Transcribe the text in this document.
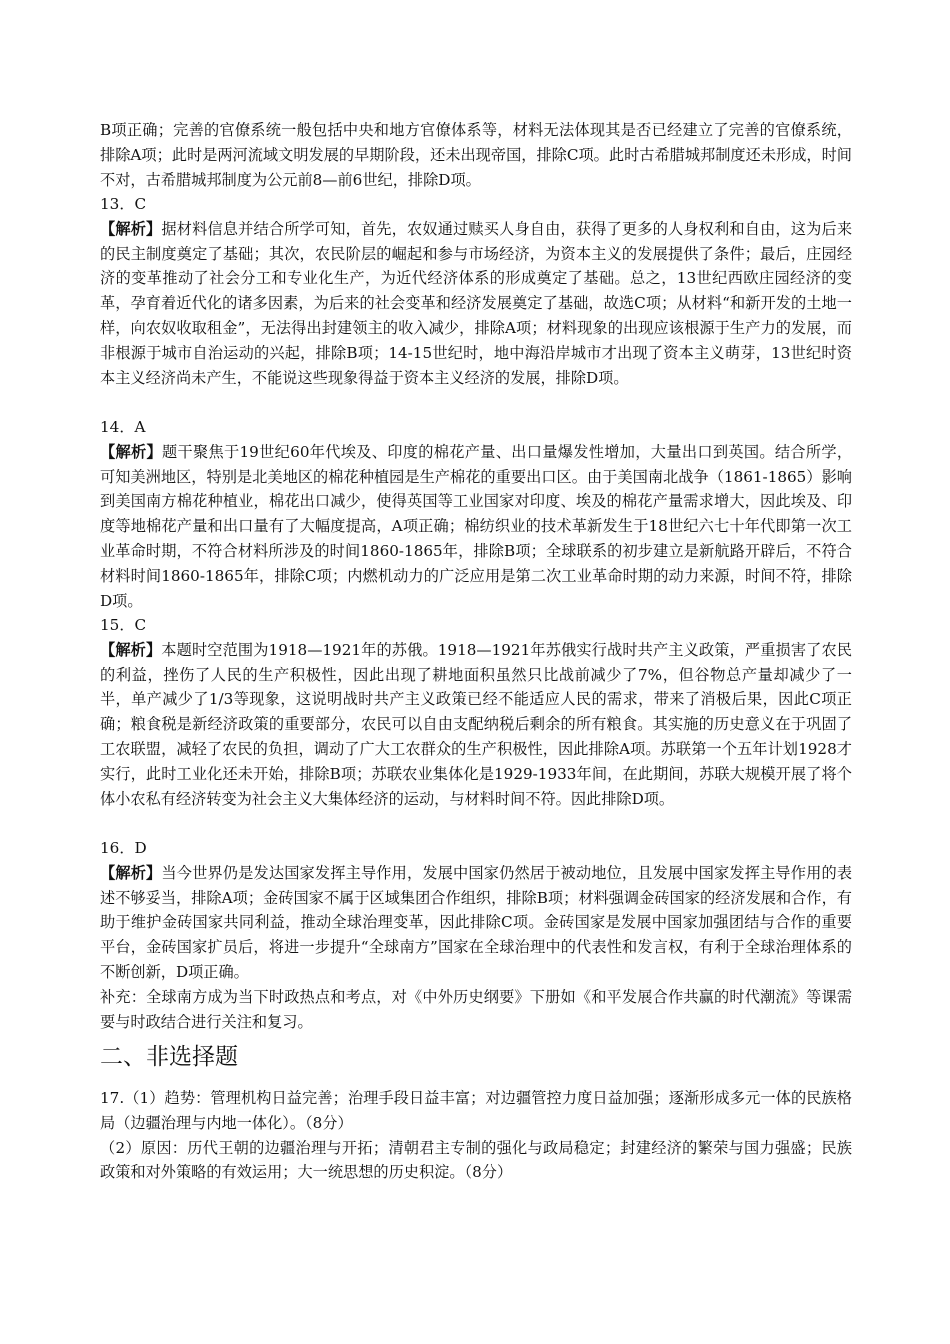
B项正确；完善的官僚系统一般包括中央和地方官僚体系等，材料无法体现其是否已经建立了完善的官僚系统，排除A项；此时是两河流域文明发展的早期阶段，还未出现帝国，排除C项。此时古希腊城邦制度还未形成，时间不对，古希腊城邦制度为公元前8—前6世纪，排除D项。

13．C

【解析】据材料信息并结合所学可知，首先，农奴通过赎买人身自由，获得了更多的人身权利和自由，这为后来的民主制度奠定了基础；其次，农民阶层的崛起和参与市场经济，为资本主义的发展提供了条件；最后，庄园经济的变革推动了社会分工和专业化生产，为近代经济体系的形成奠定了基础。总之，13世纪西欧庄园经济的变革，孕育着近代化的诸多因素，为后来的社会变革和经济发展奠定了基础，故选C项；从材料“和新开发的土地一样，向农奴收取租金”，无法得出封建领主的收入减少，排除A项；材料现象的出现应该根源于生产力的发展，而非根源于城市自治运动的兴起，排除B项；14-15世纪时，地中海沿岸城市才出现了资本主义萌芽，13世纪时资本主义经济尚未产生，不能说这些现象得益于资本主义经济的发展，排除D项。

14．A

【解析】题干聚焦于19世纪60年代埃及、印度的棉花产量、出口量爆发性增加，大量出口到英国。结合所学，可知美洲地区，特别是北美地区的棉花种植园是生产棉花的重要出口区。由于美国南北战争（1861-1865）影响到美国南方棉花种植业，棉花出口减少，使得英国等工业国家对印度、埃及的棉花产量需求增大，因此埃及、印度等地棉花产量和出口量有了大幅度提高，A项正确；棉纺织业的技术革新发生于18世纪六七十年代即第一次工业革命时期，不符合材料所涉及的时间1860-1865年，排除B项；全球联系的初步建立是新航路开辟后，不符合材料时间1860-1865年，排除C项；内燃机动力的广泛应用是第二次工业革命时期的动力来源，时间不符，排除D项。

15．C

【解析】本题时空范围为1918—1921年的苏俄。1918—1921年苏俄实行战时共产主义政策，严重损害了农民的利益，挫伤了人民的生产积极性，因此出现了耕地面积虽然只比战前减少了7%，但谷物总产量却减少了一半，单产减少了1/3等现象，这说明战时共产主义政策已经不能适应人民的需求，带来了消极后果，因此C项正确；粮食税是新经济政策的重要部分，农民可以自由支配纳税后剩余的所有粮食。其实施的历史意义在于巩固了工农联盟，减轻了农民的负担，调动了广大工农群众的生产积极性，因此排除A项。苏联第一个五年计划1928才实行，此时工业化还未开始，排除B项；苏联农业集体化是1929-1933年间，在此期间，苏联大规模开展了将个体小农私有经济转变为社会主义大集体经济的运动，与材料时间不符。因此排除D项。

16．D

【解析】当今世界仍是发达国家发挥主导作用，发展中国家仍然居于被动地位，且发展中国家发挥主导作用的表述不够妥当，排除A项；金砖国家不属于区域集团合作组织，排除B项；材料强调金砖国家的经济发展和合作，有助于维护金砖国家共同利益，推动全球治理变革，因此排除C项。金砖国家是发展中国家加强团结与合作的重要平台，金砖国家扩员后，将进一步提升“全球南方”国家在全球治理中的代表性和发言权，有利于全球治理体系的不断创新，D项正确。

补充：全球南方成为当下时政热点和考点，对《中外历史纲要》下册如《和平发展合作共赢的时代潮流》等课需要与时政结合进行关注和复习。

二、非选择题

17.（1）趋势：管理机构日益完善；治理手段日益丰富；对边疆管控力度日益加强；逐渐形成多元一体的民族格局（边疆治理与内地一体化）。（8分）

（2）原因：历代王朝的边疆治理与开拓；清朝君主专制的强化与政局稳定；封建经济的繁荣与国力强盛；民族政策和对外策略的有效运用；大一统思想的历史积淀。（8分）
